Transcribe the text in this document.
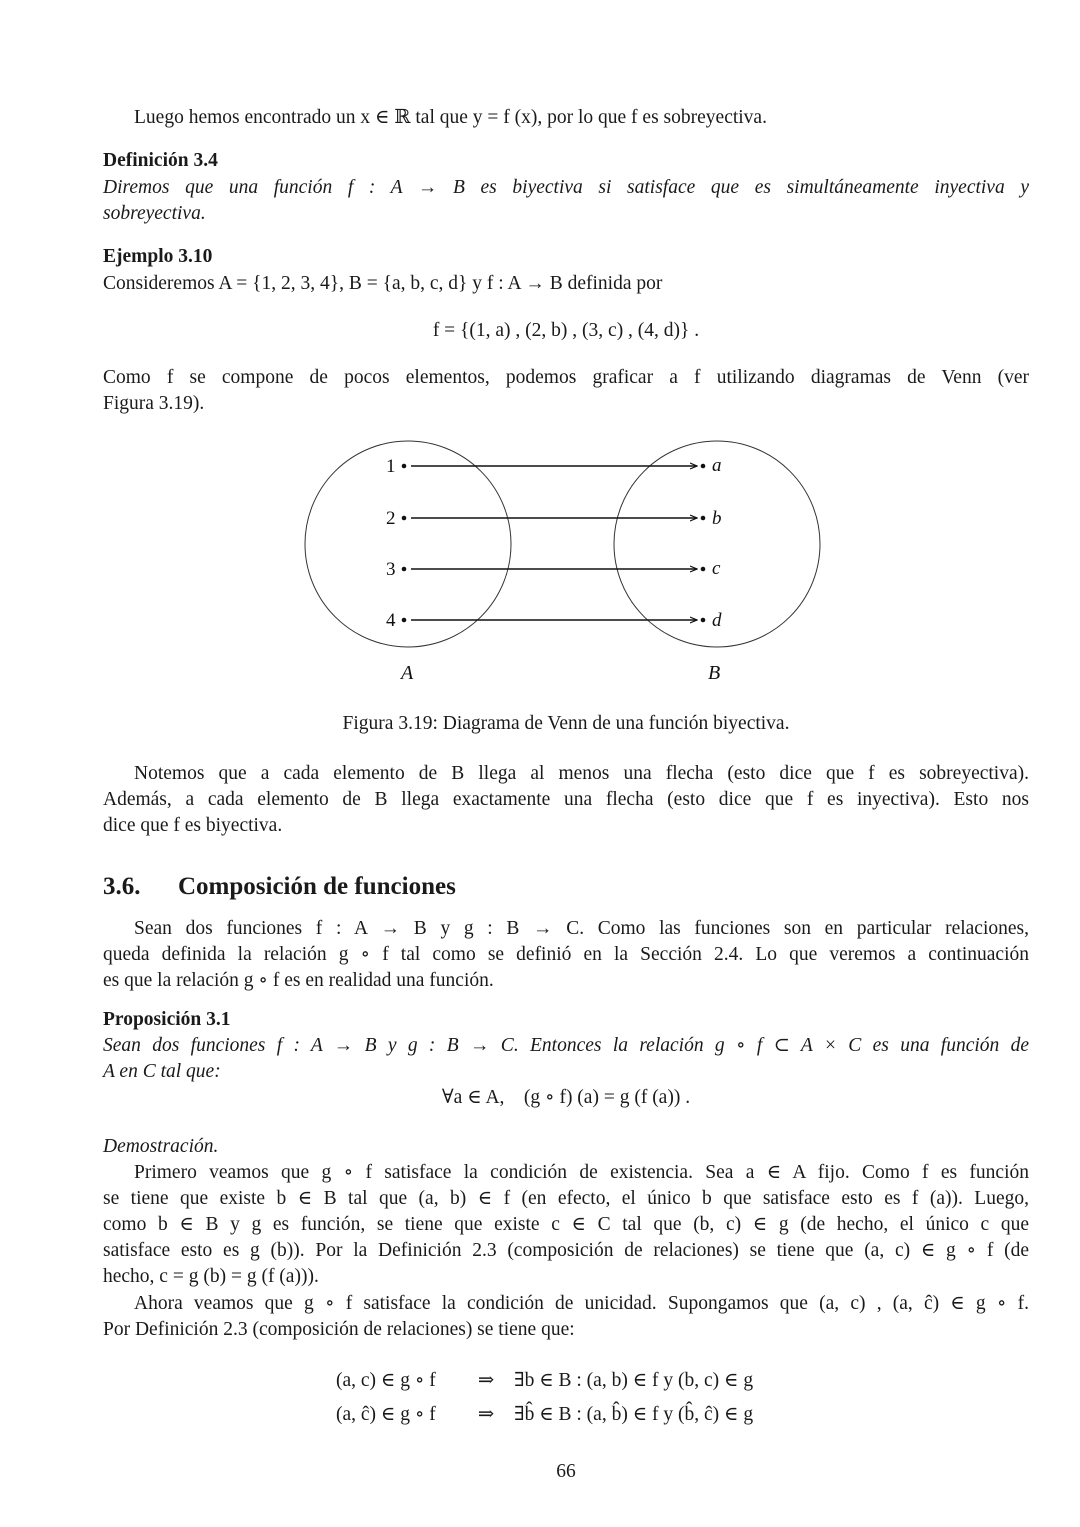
Luego hemos encontrado un x ∈ ℝ tal que y = f (x), por lo que f es sobreyectiva.
Definición 3.4
Diremos que una función f : A → B es biyectiva si satisface que es simultáneamente inyectiva y
sobreyectiva.
Ejemplo 3.10
Consideremos A = {1, 2, 3, 4}, B = {a, b, c, d} y f : A → B definida por
f = {(1, a) , (2, b) , (3, c) , (4, d)} .
Como f se compone de pocos elementos, podemos graficar a f utilizando diagramas de Venn (ver
Figura 3.19).
1
2
3
4
a
b
c
d
A	B
Figura 3.19: Diagrama de Venn de una función biyectiva.
Notemos que a cada elemento de B llega al menos una flecha (esto dice que f es sobreyectiva).
Además, a cada elemento de B llega exactamente una flecha (esto dice que f es inyectiva). Esto nos
dice que f es biyectiva.
3.6. Composición de funciones
Sean dos funciones f : A → B y g : B → C. Como las funciones son en particular relaciones,
queda definida la relación g ∘ f tal como se definió en la Sección 2.4. Lo que veremos a continuación
es que la relación g ∘ f es en realidad una función.
Proposición 3.1
Sean dos funciones f : A → B y g : B → C. Entonces la relación g ∘ f ⊂ A × C es una función de
A en C tal que:
∀a ∈ A,    (g ∘ f) (a) = g (f (a)) .
Demostración.
Primero veamos que g ∘ f satisface la condición de existencia. Sea a ∈ A fijo. Como f es función
se tiene que existe b ∈ B tal que (a, b) ∈ f (en efecto, el único b que satisface esto es f (a)). Luego,
como b ∈ B y g es función, se tiene que existe c ∈ C tal que (b, c) ∈ g (de hecho, el único c que
satisface esto es g (b)). Por la Definición 2.3 (composición de relaciones) se tiene que (a, c) ∈ g ∘ f (de
hecho, c = g (b) = g (f (a))).
Ahora veamos que g ∘ f satisface la condición de unicidad. Supongamos que (a, c) , (a, ĉ) ∈ g ∘ f.
Por Definición 2.3 (composición de relaciones) se tiene que:
(a, c) ∈ g ∘ f	⇒	∃b ∈ B : (a, b) ∈ f y (b, c) ∈ g
(a, ĉ) ∈ g ∘ f	⇒	∃b̂ ∈ B : (a, b̂) ∈ f y (b̂, ĉ) ∈ g
66
